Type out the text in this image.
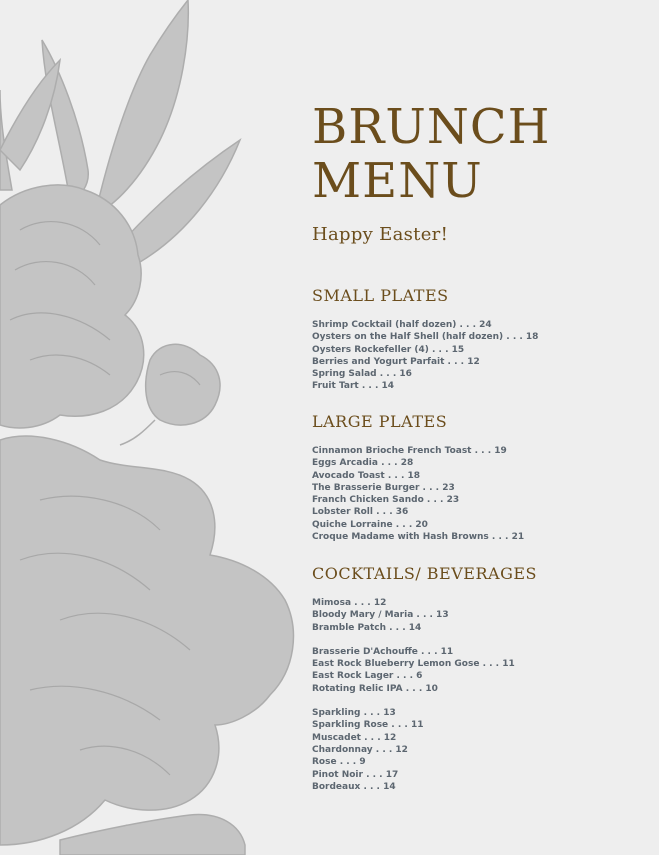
BRUNCH
MENU

Happy Easter!

SMALL PLATES
Shrimp Cocktail (half dozen) . . . 24
Oysters on the Half Shell (half dozen) . . . 18
Oysters Rockefeller (4) . . . 15
Berries and Yogurt Parfait . . . 12
Spring Salad . . . 16
Fruit Tart . . . 14
LARGE PLATES
Cinnamon Brioche French Toast . . . 19
Eggs Arcadia . . . 28
Avocado Toast . . . 18
The Brasserie Burger . . . 23
Franch Chicken Sando . . . 23
Lobster Roll . . . 36
Quiche Lorraine . . . 20
Croque Madame with Hash Browns . . . 21
COCKTAILS/ BEVERAGES
Mimosa . . . 12
Bloody Mary / Maria . . . 13
Bramble Patch . . . 14
Brasserie D'Achouffe . . . 11
East Rock Blueberry Lemon Gose . . . 11
East Rock Lager . . . 6
Rotating Relic IPA . . . 10
Sparkling . . . 13
Sparkling Rose . . . 11
Muscadet . . . 12
Chardonnay . . . 12
Rose . . . 9
Pinot Noir . . . 17
Bordeaux . . . 14
